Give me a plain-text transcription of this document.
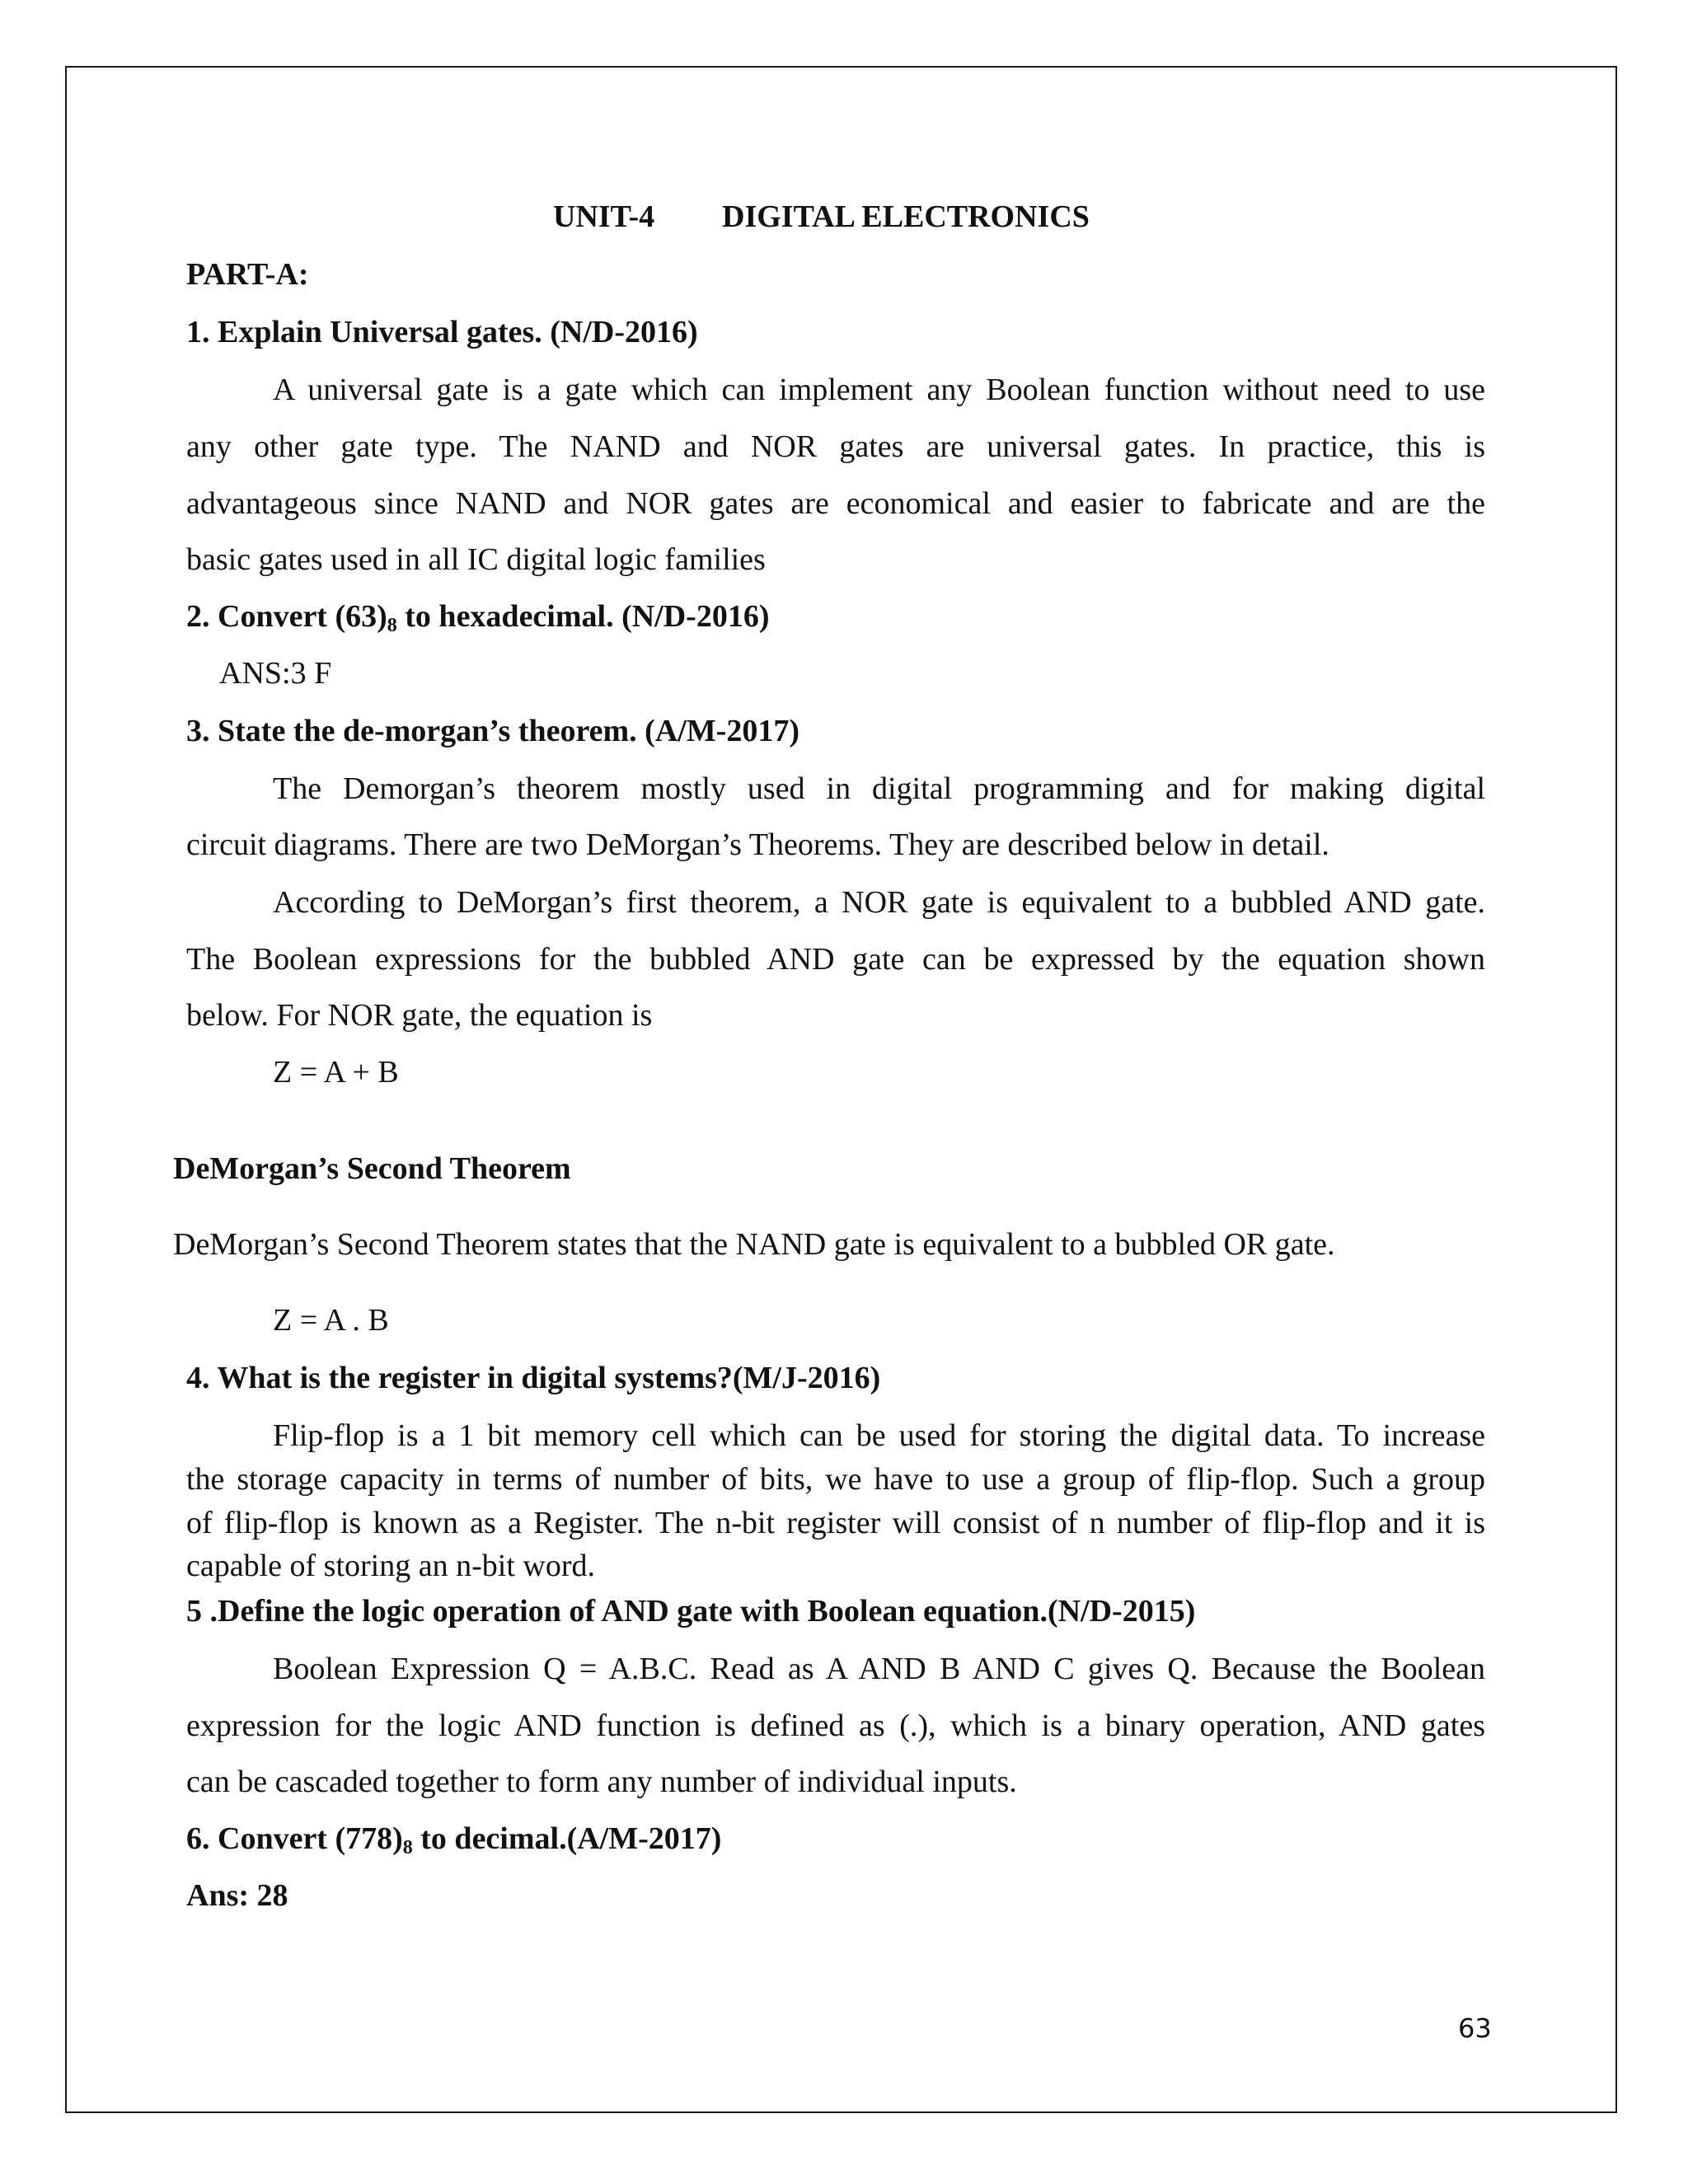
UNIT-4 DIGITAL ELECTRONICS

PART-A:

1. Explain Universal gates. (N/D-2016)

A universal gate is a gate which can implement any Boolean function without need to use

any other gate type. The NAND and NOR gates are universal gates. In practice, this is

advantageous since NAND and NOR gates are economical and easier to fabricate and are the

basic gates used in all IC digital logic families

2. Convert $(63)_8$ to hexadecimal. (N/D-2016)

ANS:3 F

3. State the de-morgan’s theorem. (A/M-2017)

The Demorgan’s theorem mostly used in digital programming and for making digital

circuit diagrams. There are two DeMorgan’s Theorems. They are described below in detail.

According to DeMorgan’s first theorem, a NOR gate is equivalent to a bubbled AND gate.

The Boolean expressions for the bubbled AND gate can be expressed by the equation shown

below. For NOR gate, the equation is

Z = A + B

DeMorgan’s Second Theorem

DeMorgan’s Second Theorem states that the NAND gate is equivalent to a bubbled OR gate.

Z = A . B

4. What is the register in digital systems?(M/J-2016)

Flip-flop is a 1 bit memory cell which can be used for storing the digital data. To increase

the storage capacity in terms of number of bits, we have to use a group of flip-flop. Such a group

of flip-flop is known as a Register. The n-bit register will consist of n number of flip-flop and it is

capable of storing an n-bit word.

5 .Define the logic operation of AND gate with Boolean equation.(N/D-2015)

Boolean Expression Q = A.B.C. Read as A AND B AND C gives Q. Because the Boolean

expression for the logic AND function is defined as (.), which is a binary operation, AND gates

can be cascaded together to form any number of individual inputs.

6. Convert $(778)_8$ to decimal.(A/M-2017)

Ans: 28

63
